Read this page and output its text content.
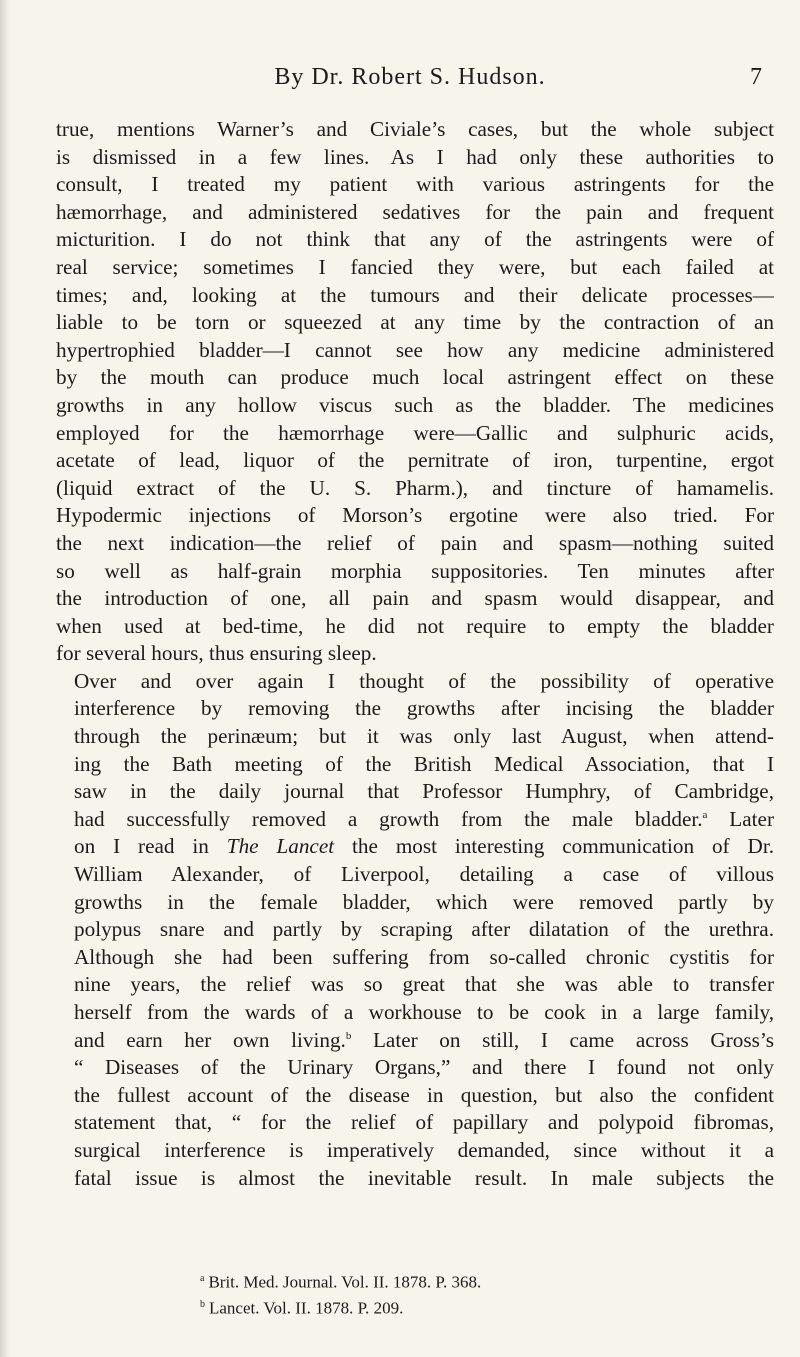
By Dr. Robert S. Hudson.	7

true, mentions Warner’s and Civiale’s cases, but the whole subject
is dismissed in a few lines. As I had only these authorities to
consult, I treated my patient with various astringents for the
hæmorrhage, and administered sedatives for the pain and frequent
micturition. I do not think that any of the astringents were of
real service; sometimes I fancied they were, but each failed at
times; and, looking at the tumours and their delicate processes—
liable to be torn or squeezed at any time by the contraction of an
hypertrophied bladder—I cannot see how any medicine administered
by the mouth can produce much local astringent effect on these
growths in any hollow viscus such as the bladder. The medicines
employed for the hæmorrhage were—Gallic and sulphuric acids,
acetate of lead, liquor of the pernitrate of iron, turpentine, ergot
(liquid extract of the U. S. Pharm.), and tincture of hamamelis.
Hypodermic injections of Morson’s ergotine were also tried. For
the next indication—the relief of pain and spasm—nothing suited
so well as half-grain morphia suppositories. Ten minutes after
the introduction of one, all pain and spasm would disappear, and
when used at bed-time, he did not require to empty the bladder
for several hours, thus ensuring sleep.

Over and over again I thought of the possibility of operative
interference by removing the growths after incising the bladder
through the perinæum; but it was only last August, when attend-
ing the Bath meeting of the British Medical Association, that I
saw in the daily journal that Professor Humphry, of Cambridge,
had successfully removed a growth from the male bladder.$^a$ Later
on I read in The Lancet the most interesting communication of Dr.
William Alexander, of Liverpool, detailing a case of villous
growths in the female bladder, which were removed partly by
polypus snare and partly by scraping after dilatation of the urethra.
Although she had been suffering from so-called chronic cystitis for
nine years, the relief was so great that she was able to transfer
herself from the wards of a workhouse to be cook in a large family,
and earn her own living.$^b$ Later on still, I came across Gross’s
“ Diseases of the Urinary Organs,” and there I found not only
the fullest account of the disease in question, but also the confident
statement that, “ for the relief of papillary and polypoid fibromas,
surgical interference is imperatively demanded, since without it a
fatal issue is almost the inevitable result. In male subjects the

$^a$ Brit. Med. Journal. Vol. II. 1878. P. 368.
$^b$ Lancet. Vol. II. 1878. P. 209.
